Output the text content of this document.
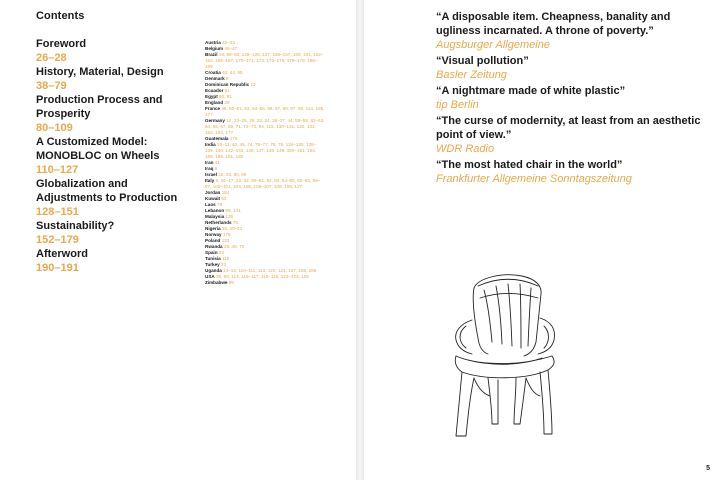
Contents
Foreword
26–28
History, Material, Design
38–79
Production Process and Prosperity
80–109
A Customized Model: MONOBLOC on Wheels
110–127
Globalization and Adjustments to Production
128–151
Sustainability?
152–179
Afterword
190–191
Austria 42–43
Belgium 46–47
Brazil 18, 59–60, 128–129, 137, 156–157, 159, 161, 162–163, 166–167, 170–171, 173, 174–175, 178–179, 188–189
Croatia 40, 44, 95
Denmark 8
Dominican Republic 13
Ecuador 91
Egypt 90, 91
England 38
France 46, 50–51, 53, 54–55, 56, 57, 86, 87, 98, 114, 165, 177
Germany 12, 24–25, 29, 33, 34, 36–37, 44, 58–59, 62–63, 64, 65, 67, 69, 71, 72–73, 94, 115, 130–131, 132, 133, 153, 154, 177
Guatemala 176
India 10–11, 40, 45, 74, 76–77, 78, 79, 134–135, 138–139, 140, 142–143, 145, 147, 148, 149, 150–151, 164, 168, 169, 181, 182
Iran 41
Iraq 8
Israel 18, 23, 90, 95
Italy 9, 16–17, 22, 32, 80–81, 82, 83, 84–85, 92–93, 96–97, 100–101, 103, 105, 106–107, 108, 109, 127
Jordan 184
Kuwait 53
Laos 78
Lebanon 99, 141
Malaysia 136
Netherlands 75
Nigeria 15, 20–21
Norway 176
Poland 133
Rwanda 48, 49, 70
Spain 23
Tunisia 115
Turkey 22
Uganda 14–15, 110–111, 113, 120, 121, 127, 185, 186
USA 35, 60, 114, 116–117, 118–119, 122–123, 125
Zimbabwe 99
“A disposable item. Cheapness, banality and ugliness incarnated. A throne of poverty.”
Augsburger Allgemeine
“Visual pollution”
Basler Zeitung
“A nightmare made of white plastic”
tip Berlin
“The curse of modernity, at least from an aesthetic point of view.”
WDR Radio
“The most hated chair in the world”
Frankfurter Allgemeine Sonntagszeitung
5
